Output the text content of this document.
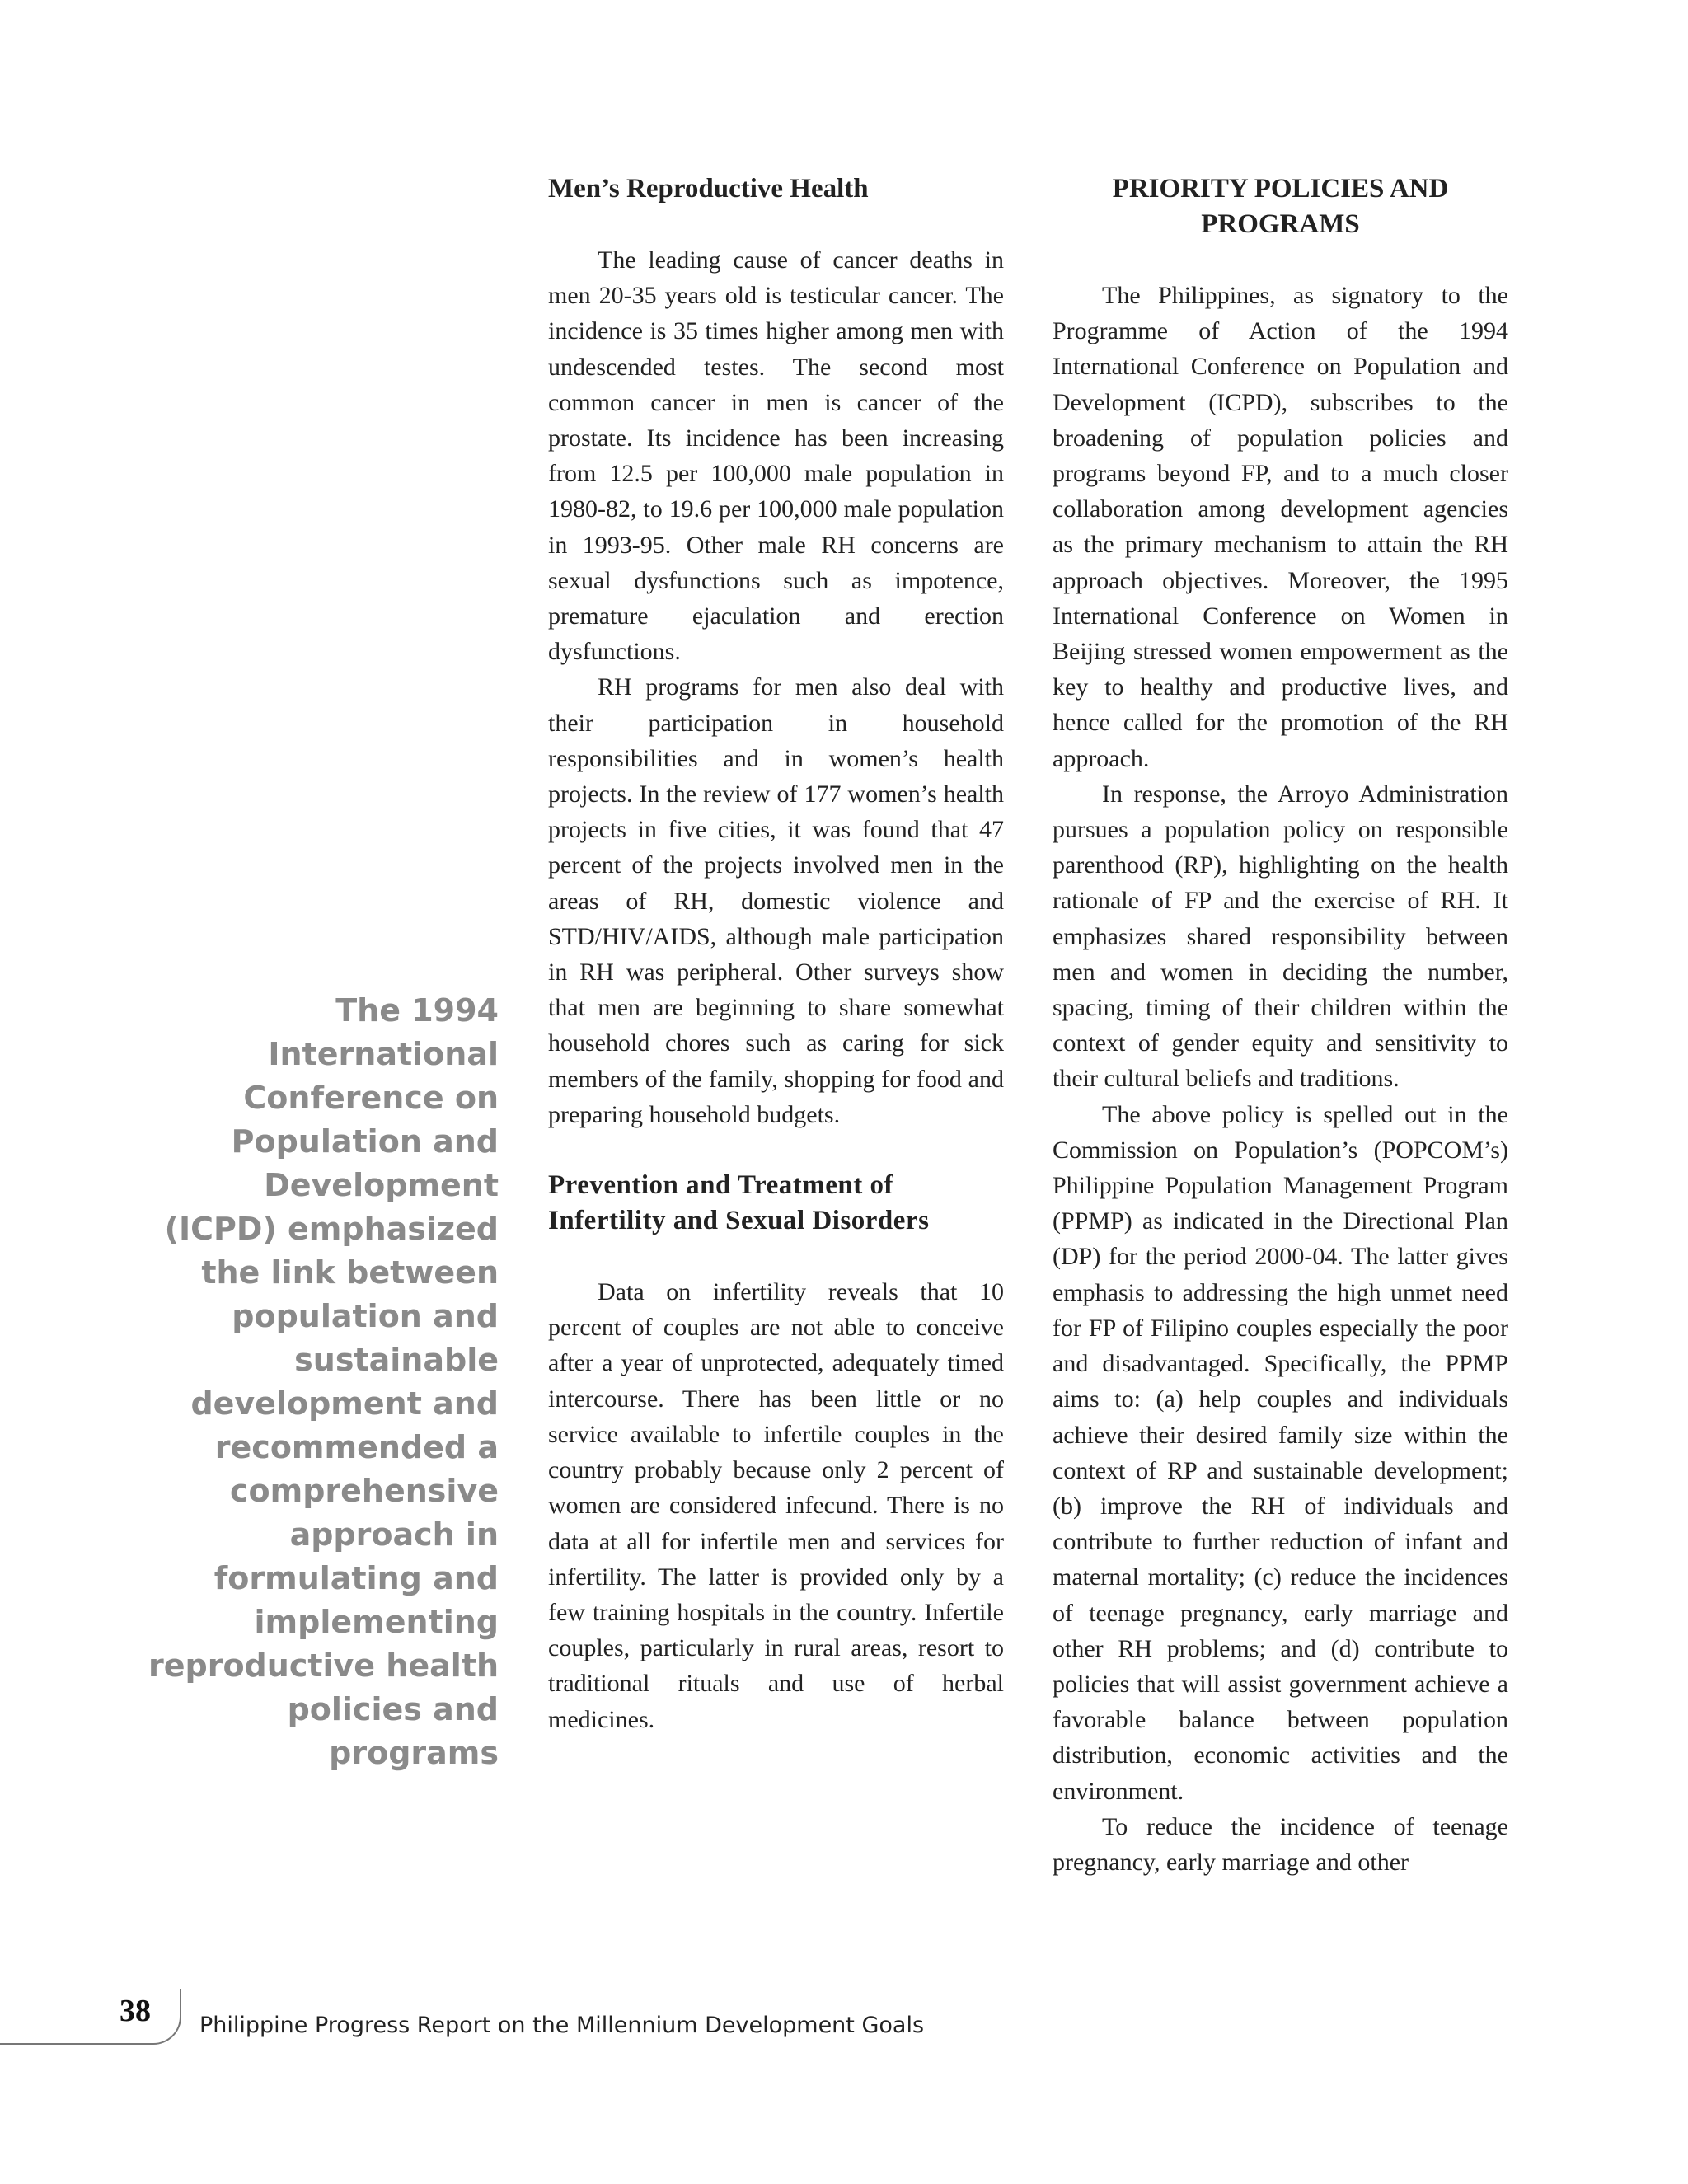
The 1994
International
Conference on
Population and
Development
(ICPD) emphasized
the link between
population and
sustainable
development and
recommended a
comprehensive
approach in
formulating and
implementing
reproductive health
policies and
programs
Men’s Reproductive Health

The leading cause of cancer deaths in men 20-35 years old is testicular cancer. The incidence is 35 times higher among men with undescended testes. The second most common cancer in men is cancer of the prostate. Its incidence has been increasing from 12.5 per 100,000 male population in 1980-82, to 19.6 per 100,000 male population in 1993-95. Other male RH concerns are sexual dysfunctions such as impotence, premature ejaculation and erection dysfunctions.

RH programs for men also deal with their participation in household responsibilities and in women’s health projects. In the review of 177 women’s health projects in five cities, it was found that 47 percent of the projects involved men in the areas of RH, domestic violence and STD/HIV/AIDS, although male participation in RH was peripheral. Other surveys show that men are beginning to share somewhat household chores such as caring for sick members of the family, shopping for food and preparing household budgets.

Prevention and Treatment of Infertility and Sexual Disorders

Data on infertility reveals that 10 percent of couples are not able to conceive after a year of unprotected, adequately timed intercourse. There has been little or no service available to infertile couples in the country probably because only 2 percent of women are considered infecund. There is no data at all for infertile men and services for infertility. The latter is provided only by a few training hospitals in the country. Infertile couples, particularly in rural areas, resort to traditional rituals and use of herbal medicines.

PRIORITY POLICIES AND PROGRAMS

The Philippines, as signatory to the Programme of Action of the 1994 International Conference on Population and Development (ICPD), subscribes to the broadening of population policies and programs beyond FP, and to a much closer collaboration among development agencies as the primary mechanism to attain the RH approach objectives. Moreover, the 1995 International Conference on Women in Beijing stressed women empowerment as the key to healthy and productive lives, and hence called for the promotion of the RH approach.

In response, the Arroyo Administration pursues a population policy on responsible parenthood (RP), highlighting on the health rationale of FP and the exercise of RH. It emphasizes shared responsibility between men and women in deciding the number, spacing, timing of their children within the context of gender equity and sensitivity to their cultural beliefs and traditions.

The above policy is spelled out in the Commission on Population’s (POPCOM’s) Philippine Population Management Program (PPMP) as indicated in the Directional Plan (DP) for the period 2000-04. The latter gives emphasis to addressing the high unmet need for FP of Filipino couples especially the poor and disadvantaged. Specifically, the PPMP aims to: (a) help couples and individuals achieve their desired family size within the context of RP and sustainable development; (b) improve the RH of individuals and contribute to further reduction of infant and maternal mortality; (c) reduce the incidences of teenage pregnancy, early marriage and other RH problems; and (d) contribute to policies that will assist government achieve a favorable balance between population distribution, economic activities and the environment.

To reduce the incidence of teenage pregnancy, early marriage and other

38 Philippine Progress Report on the Millennium Development Goals
